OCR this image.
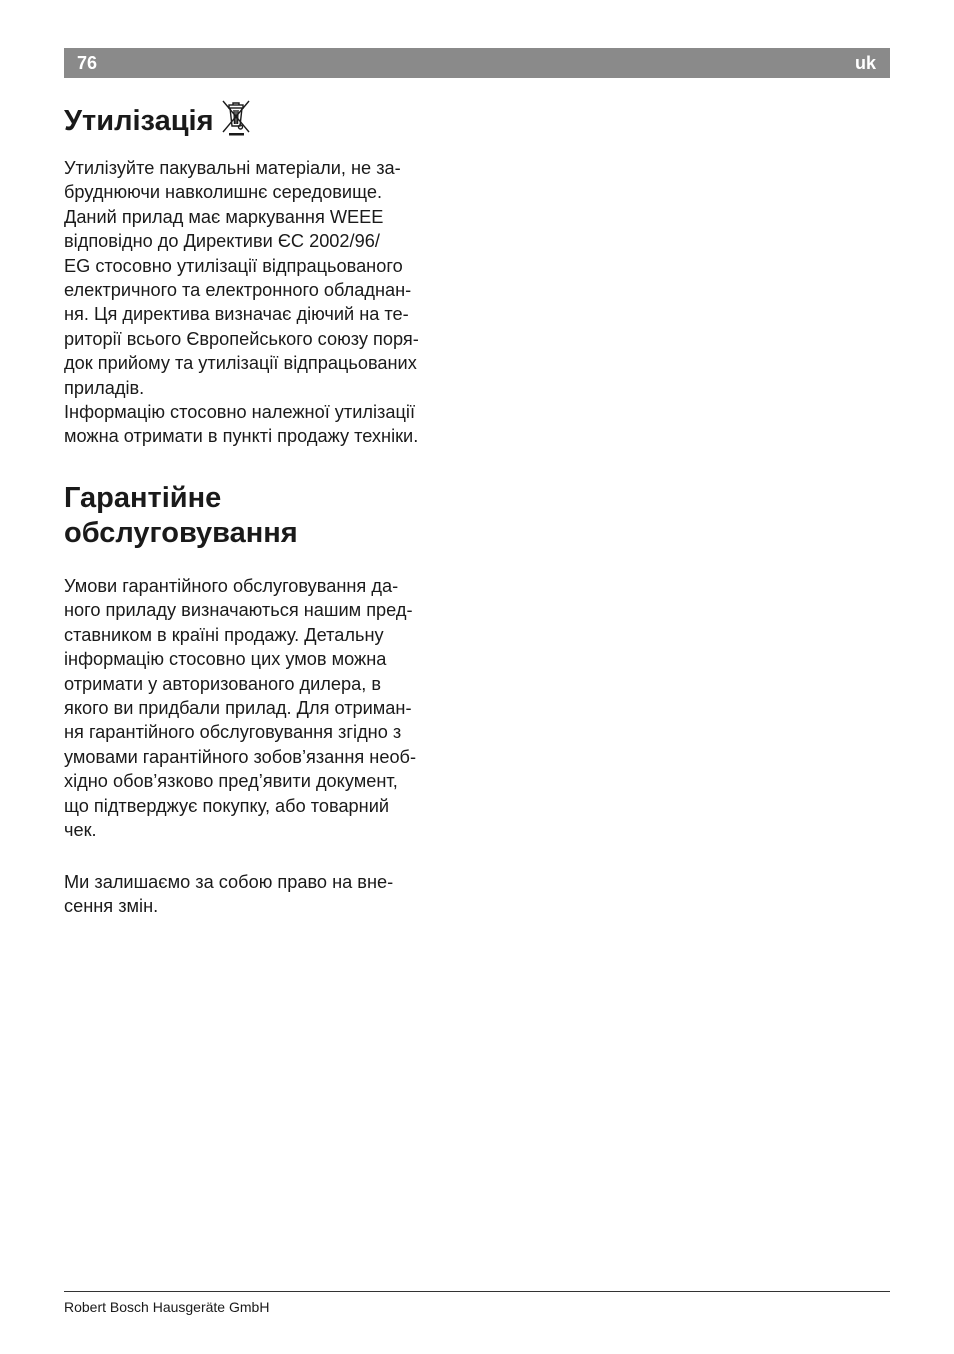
76	uk
Утилізація
Утилізуйте пакувальні матеріали, не за-
бруднюючи навколишнє середовище.
Даний прилад має маркування WEEE
відповідно до Директиви ЄС 2002/96/
EG стосовно утилізації відпрацьованого
електричного та електронного обладнан-
ня. Ця директива визначає діючий на те-
риторії всього Європейського союзу поря-
док прийому та утилізації відпрацьованих
приладів.
Інформацію стосовно належної утилізації
можна отримати в пункті продажу техніки.
Гарантійне
обслуговування
Умови гарантійного обслуговування да-
ного приладу визначаються нашим пред-
ставником в країні продажу. Детальну
інформацію стосовно цих умов можна
отримати у авторизованого дилера, в
якого ви придбали прилад. Для отриман-
ня гарантійного обслуговування згідно з
умовами гарантійного зобов’язання необ-
хідно обов’язково пред’явити документ,
що підтверджує покупку, або товарний
чек.
Ми залишаємо за собою право на вне-
сення змін.
Robert Bosch Hausgeräte GmbH
